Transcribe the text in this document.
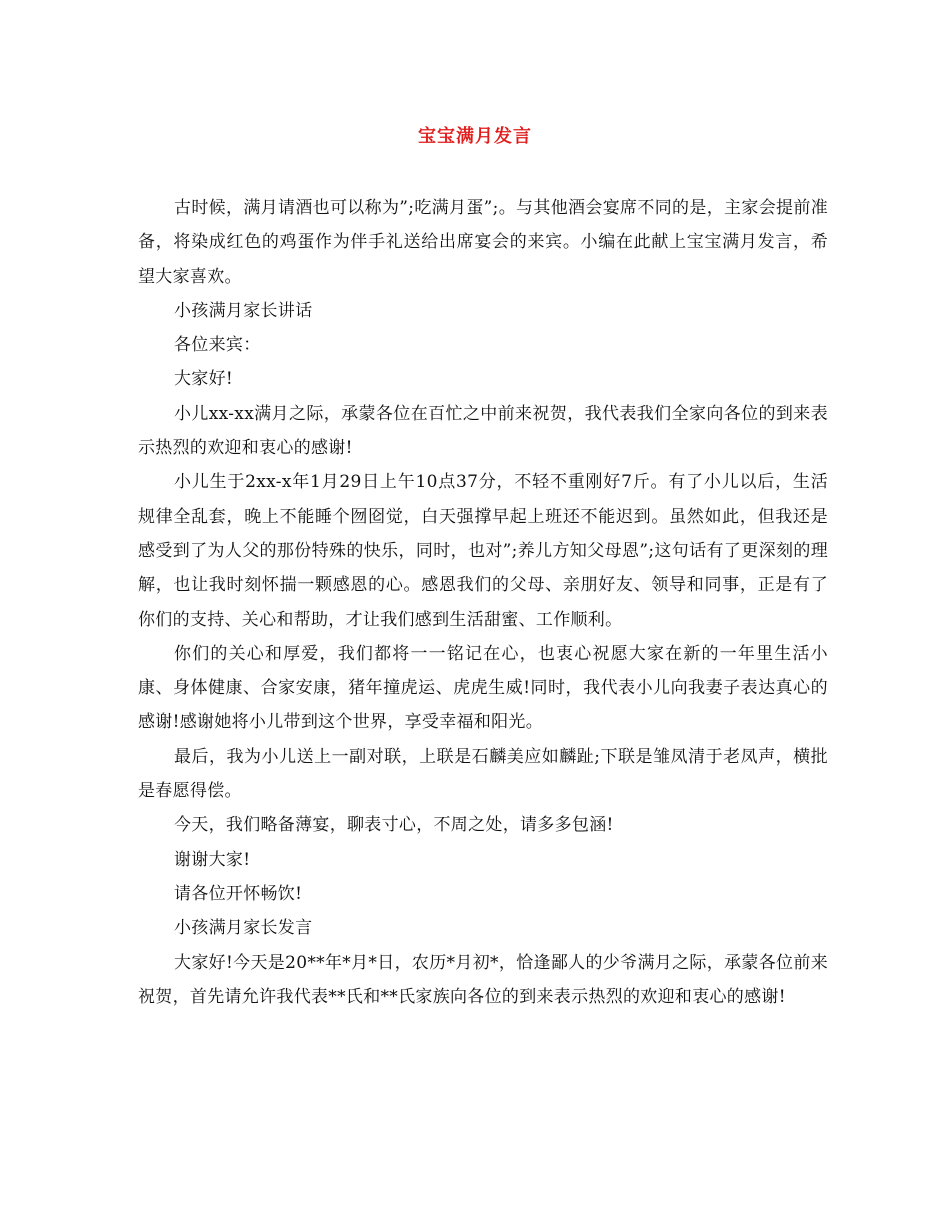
宝宝满月发言

古时候，满月请酒也可以称为”;吃满月蛋”;。与其他酒会宴席不同的是，主家会提前准备，将染成红色的鸡蛋作为伴手礼送给出席宴会的来宾。小编在此献上宝宝满月发言，希望大家喜欢。

小孩满月家长讲话

各位来宾：

大家好!

小儿xx-xx满月之际，承蒙各位在百忙之中前来祝贺，我代表我们全家向各位的到来表示热烈的欢迎和衷心的感谢!

小儿生于2xx-x年1月29日上午10点37分，不轻不重刚好7斤。有了小儿以后，生活规律全乱套，晚上不能睡个囫囵觉，白天强撑早起上班还不能迟到。虽然如此，但我还是感受到了为人父的那份特殊的快乐，同时，也对”;养儿方知父母恩”;这句话有了更深刻的理解，也让我时刻怀揣一颗感恩的心。感恩我们的父母、亲朋好友、领导和同事，正是有了你们的支持、关心和帮助，才让我们感到生活甜蜜、工作顺利。

你们的关心和厚爱，我们都将一一铭记在心，也衷心祝愿大家在新的一年里生活小康、身体健康、合家安康，猪年撞虎运、虎虎生威!同时，我代表小儿向我妻子表达真心的感谢!感谢她将小儿带到这个世界，享受幸福和阳光。

最后，我为小儿送上一副对联，上联是石麟美应如麟趾;下联是雏凤清于老凤声，横批是春愿得偿。

今天，我们略备薄宴，聊表寸心，不周之处，请多多包涵!

谢谢大家!

请各位开怀畅饮!

小孩满月家长发言

大家好!今天是20**年*月*日，农历*月初*，恰逢鄙人的少爷满月之际，承蒙各位前来祝贺，首先请允许我代表**氏和**氏家族向各位的到来表示热烈的欢迎和衷心的感谢!
